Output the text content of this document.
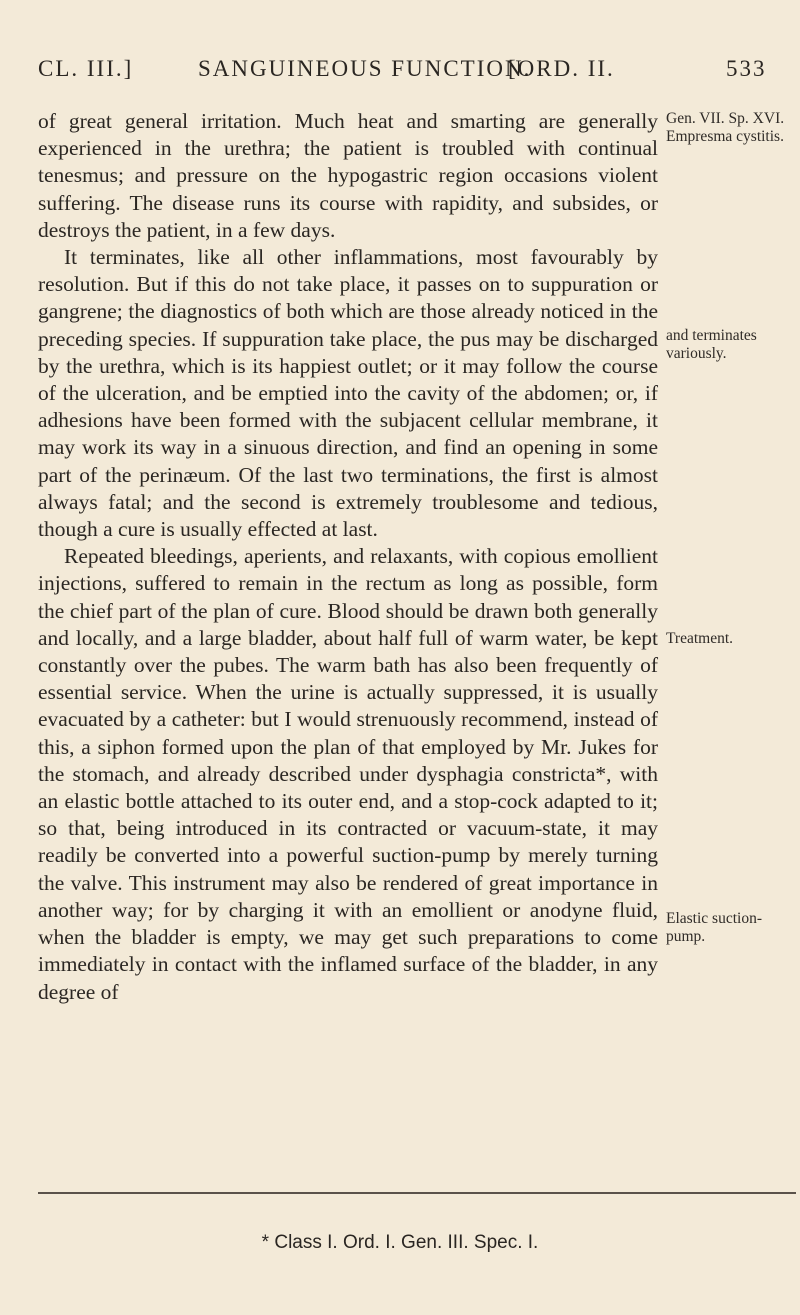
CL. III.]	SANGUINEOUS FUNCTION.
[ORD. II.	533

of great general irritation. Much heat and smarting are generally experienced in the urethra; the patient is troubled with continual tenesmus; and pressure on the hypogastric region occasions violent suffering. The disease runs its course with rapidity, and subsides, or destroys the patient, in a few days.

It terminates, like all other inflammations, most favourably by resolution. But if this do not take place, it passes on to suppuration or gangrene; the diagnostics of both which are those already noticed in the preceding species. If suppuration take place, the pus may be discharged by the urethra, which is its happiest outlet; or it may follow the course of the ulceration, and be emptied into the cavity of the abdomen; or, if adhesions have been formed with the subjacent cellular membrane, it may work its way in a sinuous direction, and find an opening in some part of the perinæum. Of the last two terminations, the first is almost always fatal; and the second is extremely troublesome and tedious, though a cure is usually effected at last.

Repeated bleedings, aperients, and relaxants, with copious emollient injections, suffered to remain in the rectum as long as possible, form the chief part of the plan of cure. Blood should be drawn both generally and locally, and a large bladder, about half full of warm water, be kept constantly over the pubes. The warm bath has also been frequently of essential service. When the urine is actually suppressed, it is usually evacuated by a catheter: but I would strenuously recommend, instead of this, a siphon formed upon the plan of that employed by Mr. Jukes for the stomach, and already described under dysphagia constricta*, with an elastic bottle attached to its outer end, and a stop-cock adapted to it; so that, being introduced in its contracted or vacuum-state, it may readily be converted into a powerful suction-pump by merely turning the valve. This instrument may also be rendered of great importance in another way; for by charging it with an emollient or anodyne fluid, when the bladder is empty, we may get such preparations to come immediately in contact with the inflamed surface of the bladder, in any degree of

Gen. VII. Sp. XVI. Empresma cystitis.
and terminates variously.
Treatment.
Elastic suction-pump.
* Class I. Ord. I. Gen. III. Spec. I.
